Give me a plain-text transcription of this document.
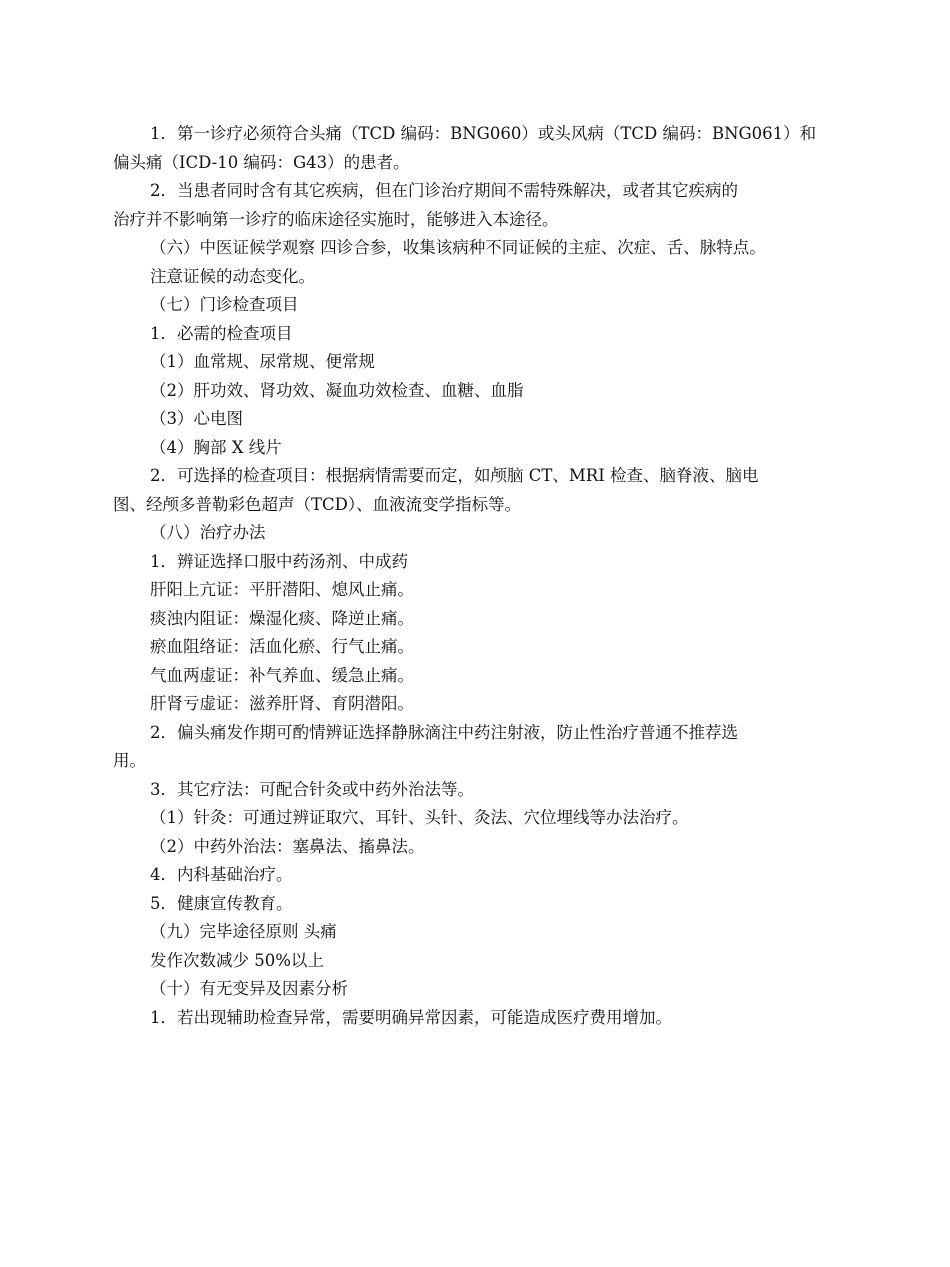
1．第一诊疗必须符合头痛（TCD 编码：BNG060）或头风病（TCD 编码：BNG061）和
偏头痛（ICD-10 编码：G43）的患者。
2．当患者同时含有其它疾病，但在门诊治疗期间不需特殊解决，或者其它疾病的
治疗并不影响第一诊疗的临床途径实施时，能够进入本途径。
（六）中医证候学观察 四诊合参，收集该病种不同证候的主症、次症、舌、脉特点。
注意证候的动态变化。
（七）门诊检查项目
1．必需的检查项目
（1）血常规、尿常规、便常规
（2）肝功效、肾功效、凝血功效检查、血糖、血脂
（3）心电图
（4）胸部 X 线片
2．可选择的检查项目：根据病情需要而定，如颅脑 CT、MRI 检查、脑脊液、脑电
图、经颅多普勒彩色超声（TCD）、血液流变学指标等。
（八）治疗办法
1．辨证选择口服中药汤剂、中成药
肝阳上亢证：平肝潜阳、熄风止痛。
痰浊内阻证：燥湿化痰、降逆止痛。
瘀血阻络证：活血化瘀、行气止痛。
气血两虚证：补气养血、缓急止痛。
肝肾亏虚证：滋养肝肾、育阴潜阳。
2．偏头痛发作期可酌情辨证选择静脉滴注中药注射液，防止性治疗普通不推荐选
用。
3．其它疗法：可配合针灸或中药外治法等。
（1）针灸：可通过辨证取穴、耳针、头针、灸法、穴位埋线等办法治疗。
（2）中药外治法：塞鼻法、搐鼻法。
4．内科基础治疗。
5．健康宣传教育。
（九）完毕途径原则 头痛
发作次数减少 50%以上
（十）有无变异及因素分析
1．若出现辅助检查异常，需要明确异常因素，可能造成医疗费用增加。
